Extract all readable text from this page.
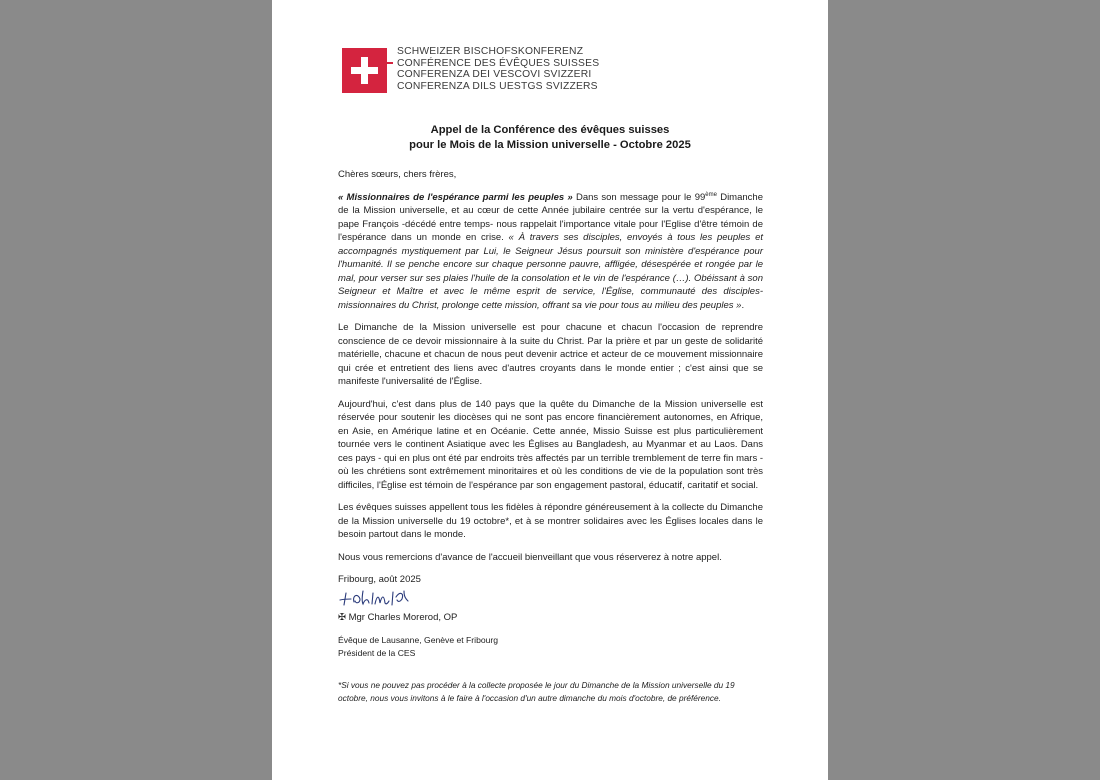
SCHWEIZER BISCHOFSKONFERENZ
CONFÉRENCE DES ÉVÊQUES SUISSES
CONFERENZA DEI VESCOVI SVIZZERI
CONFERENZA DILS UESTGS SVIZZERS
Appel de la Conférence des évêques suisses
pour le Mois de la Mission universelle - Octobre 2025

Chères sœurs, chers frères,

« Missionnaires de l'espérance parmi les peuples » Dans son message pour le 99ème Dimanche de la Mission universelle, et au cœur de cette Année jubilaire centrée sur la vertu d'espérance, le pape François -décédé entre temps- nous rappelait l'importance vitale pour l'Eglise d'être témoin de l'espérance dans un monde en crise. « À travers ses disciples, envoyés à tous les peuples et accompagnés mystiquement par Lui, le Seigneur Jésus poursuit son ministère d'espérance pour l'humanité. Il se penche encore sur chaque personne pauvre, affligée, désespérée et rongée par le mal, pour verser sur ses plaies l'huile de la consolation et le vin de l'espérance (…). Obéissant à son Seigneur et Maître et avec le même esprit de service, l'Église, communauté des disciples-missionnaires du Christ, prolonge cette mission, offrant sa vie pour tous au milieu des peuples ».

Le Dimanche de la Mission universelle est pour chacune et chacun l'occasion de reprendre conscience de ce devoir missionnaire à la suite du Christ. Par la prière et par un geste de solidarité matérielle, chacune et chacun de nous peut devenir actrice et acteur de ce mouvement missionnaire qui crée et entretient des liens avec d'autres croyants dans le monde entier ; c'est ainsi que se manifeste l'universalité de l'Église.

Aujourd'hui, c'est dans plus de 140 pays que la quête du Dimanche de la Mission universelle est réservée pour soutenir les diocèses qui ne sont pas encore financièrement autonomes, en Afrique, en Asie, en Amérique latine et en Océanie. Cette année, Missio Suisse est plus particulièrement tournée vers le continent Asiatique avec les Églises au Bangladesh, au Myanmar et au Laos. Dans ces pays - qui en plus ont été par endroits très affectés par un terrible tremblement de terre fin mars - où les chrétiens sont extrêmement minoritaires et où les conditions de vie de la population sont très difficiles, l'Église est témoin de l'espérance par son engagement pastoral, éducatif, caritatif et social.

Les évêques suisses appellent tous les fidèles à répondre généreusement à la collecte du Dimanche de la Mission universelle du 19 octobre*, et à se montrer solidaires avec les Églises locales dans le besoin partout dans le monde.

Nous vous remercions d'avance de l'accueil bienveillant que vous réserverez à notre appel.

Fribourg, août 2025

✠ Mgr Charles Morerod, OP
Évêque de Lausanne, Genève et Fribourg
Président de la CES
*Si vous ne pouvez pas procéder à la collecte proposée le jour du Dimanche de la Mission universelle du 19 octobre, nous vous invitons à le faire à l'occasion d'un autre dimanche du mois d'octobre, de préférence.
